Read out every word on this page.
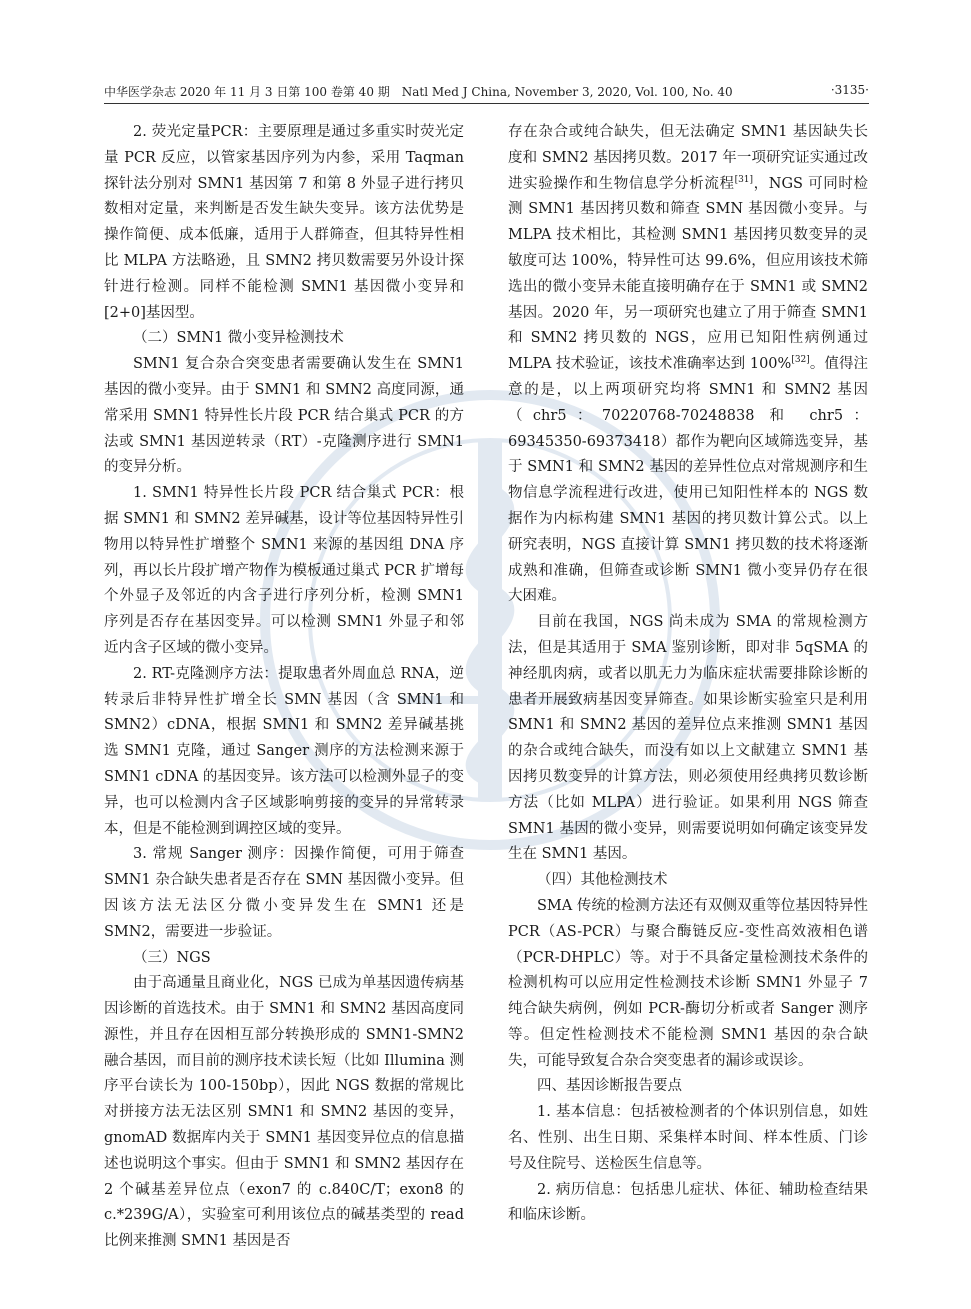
中华医学杂志 2020 年 11 月 3 日第 100 卷第 40 期　Natl Med J China, November 3, 2020, Vol. 100, No. 40	·3135·

2. 荧光定量PCR：主要原理是通过多重实时荧光定量 PCR 反应，以管家基因序列为内参，采用 Taqman 探针法分别对 SMN1 基因第 7 和第 8 外显子进行拷贝数相对定量，来判断是否发生缺失变异。该方法优势是操作简便、成本低廉，适用于人群筛查，但其特异性相比 MLPA 方法略逊，且 SMN2 拷贝数需要另外设计探针进行检测。同样不能检测 SMN1 基因微小变异和[2+0]基因型。

（二）SMN1 微小变异检测技术

SMN1 复合杂合突变患者需要确认发生在 SMN1 基因的微小变异。由于 SMN1 和 SMN2 高度同源，通常采用 SMN1 特异性长片段 PCR 结合巢式 PCR 的方法或 SMN1 基因逆转录（RT）-克隆测序进行 SMN1 的变异分析。

1. SMN1 特异性长片段 PCR 结合巢式 PCR：根据 SMN1 和 SMN2 差异碱基，设计等位基因特异性引物用以特异性扩增整个 SMN1 来源的基因组 DNA 序列，再以长片段扩增产物作为模板通过巢式 PCR 扩增每个外显子及邻近的内含子进行序列分析，检测 SMN1 序列是否存在基因变异。可以检测 SMN1 外显子和邻近内含子区域的微小变异。

2. RT-克隆测序方法：提取患者外周血总 RNA，逆转录后非特异性扩增全长 SMN 基因（含 SMN1 和 SMN2）cDNA，根据 SMN1 和 SMN2 差异碱基挑选 SMN1 克隆，通过 Sanger 测序的方法检测来源于 SMN1 cDNA 的基因变异。该方法可以检测外显子的变异，也可以检测内含子区域影响剪接的变异的异常转录本，但是不能检测到调控区域的变异。

3. 常规 Sanger 测序：因操作简便，可用于筛查 SMN1 杂合缺失患者是否存在 SMN 基因微小变异。但因该方法无法区分微小变异发生在 SMN1 还是 SMN2，需要进一步验证。

（三）NGS

由于高通量且商业化，NGS 已成为单基因遗传病基因诊断的首选技术。由于 SMN1 和 SMN2 基因高度同源性，并且存在因相互部分转换形成的 SMN1-SMN2 融合基因，而目前的测序技术读长短（比如 Illumina 测序平台读长为 100-150bp），因此 NGS 数据的常规比对拼接方法无法区别 SMN1 和 SMN2 基因的变异，gnomAD 数据库内关于 SMN1 基因变异位点的信息描述也说明这个事实。但由于 SMN1 和 SMN2 基因存在 2 个碱基差异位点（exon7 的 c.840C/T；exon8 的 c.*239G/A），实验室可利用该位点的碱基类型的 read 比例来推测 SMN1 基因是否

存在杂合或纯合缺失，但无法确定 SMN1 基因缺失长度和 SMN2 基因拷贝数。2017 年一项研究证实通过改进实验操作和生物信息学分析流程[31]，NGS 可同时检测 SMN1 基因拷贝数和筛查 SMN 基因微小变异。与 MLPA 技术相比，其检测 SMN1 基因拷贝数变异的灵敏度可达 100%，特异性可达 99.6%，但应用该技术筛选出的微小变异未能直接明确存在于 SMN1 或 SMN2 基因。2020 年，另一项研究也建立了用于筛查 SMN1 和 SMN2 拷贝数的 NGS，应用已知阳性病例通过 MLPA 技术验证，该技术准确率达到 100%[32]。值得注意的是，以上两项研究均将 SMN1 和 SMN2 基因（chr5：70220768-70248838 和 chr5：69345350-69373418）都作为靶向区域筛选变异，基于 SMN1 和 SMN2 基因的差异性位点对常规测序和生物信息学流程进行改进，使用已知阳性样本的 NGS 数据作为内标构建 SMN1 基因的拷贝数计算公式。以上研究表明，NGS 直接计算 SMN1 拷贝数的技术将逐渐成熟和准确，但筛查或诊断 SMN1 微小变异仍存在很大困难。

目前在我国，NGS 尚未成为 SMA 的常规检测方法，但是其适用于 SMA 鉴别诊断，即对非 5qSMA 的神经肌肉病，或者以肌无力为临床症状需要排除诊断的患者开展致病基因变异筛查。如果诊断实验室只是利用 SMN1 和 SMN2 基因的差异位点来推测 SMN1 基因的杂合或纯合缺失，而没有如以上文献建立 SMN1 基因拷贝数变异的计算方法，则必须使用经典拷贝数诊断方法（比如 MLPA）进行验证。如果利用 NGS 筛查 SMN1 基因的微小变异，则需要说明如何确定该变异发生在 SMN1 基因。

（四）其他检测技术

SMA 传统的检测方法还有双侧双重等位基因特异性 PCR（AS-PCR）与聚合酶链反应-变性高效液相色谱（PCR-DHPLC）等。对于不具备定量检测技术条件的检测机构可以应用定性检测技术诊断 SMN1 外显子 7 纯合缺失病例，例如 PCR-酶切分析或者 Sanger 测序等。但定性检测技术不能检测 SMN1 基因的杂合缺失，可能导致复合杂合突变患者的漏诊或误诊。

四、基因诊断报告要点

1. 基本信息：包括被检测者的个体识别信息，如姓名、性别、出生日期、采集样本时间、样本性质、门诊号及住院号、送检医生信息等。

2. 病历信息：包括患儿症状、体征、辅助检查结果和临床诊断。
